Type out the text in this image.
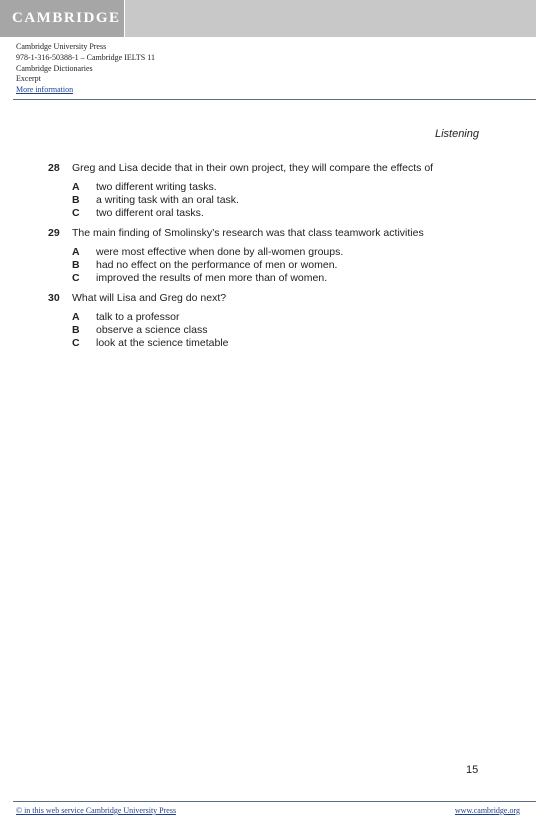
CAMBRIDGE
Cambridge University Press
978-1-316-50388-1 – Cambridge IELTS 11
Cambridge Dictionaries
Excerpt
More information
Listening
28	Greg and Lisa decide that in their own project, they will compare the effects of
A	two different writing tasks.
B	a writing task with an oral task.
C	two different oral tasks.
29	The main finding of Smolinsky’s research was that class teamwork activities
A	were most effective when done by all-women groups.
B	had no effect on the performance of men or women.
C	improved the results of men more than of women.
30	What will Lisa and Greg do next?
A	talk to a professor
B	observe a science class
C	look at the science timetable
15
© in this web service Cambridge University Press	www.cambridge.org
